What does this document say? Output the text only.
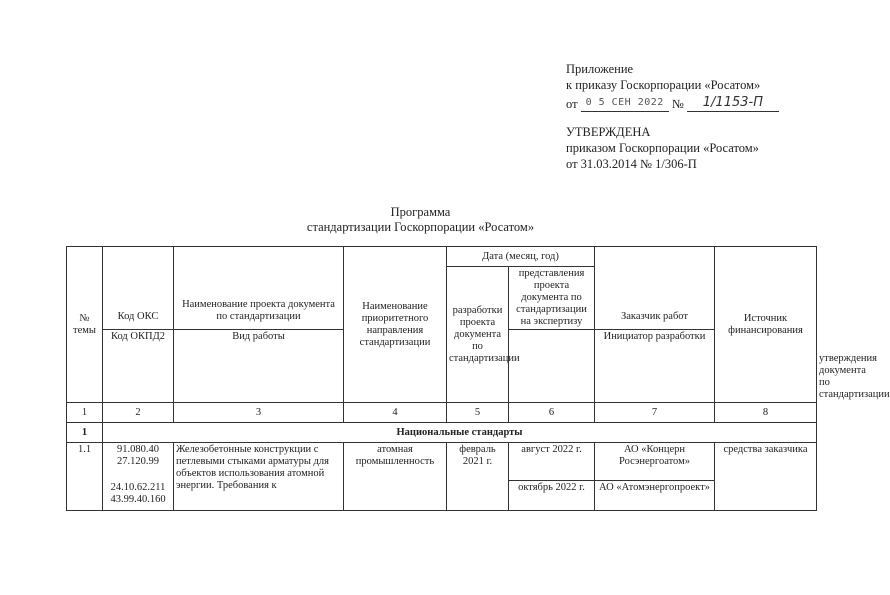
Приложение
к приказу Госкорпорации «Росатом»
от 0 5 СЕН 2022 № 1/1153-П
УТВЕРЖДЕНА
приказом Госкорпорации «Росатом»
от 31.03.2014 № 1/306-П
Программа
стандартизации Госкорпорации «Росатом»
№ темы	Код ОКС	Наименование проекта документа по стандартизации	Наименование приоритетного направления стандартизации	Дата (месяц, год)		Заказчик работ	Источник финансирования	
				разработки проекта документа по стандартизации	представления проекта документа по стандартизации на экспертизу			
	Код ОКПД2	Вид работы				Инициатор разработки		
								утверждения документа по стандартизации
1	2	3	4	5	6	7	8	
1	Национальные стандарты							
1.1	91.080.40 27.120.99	Железобетонные конструкции с петлевыми стыками арматуры для объектов использования атомной энергии. Требования к	атомная промышленность	февраль 2021 г.	август 2022 г.	АО «Концерн Росэнергоатом»	средства заказчика	
	24.10.62.211 43.99.40.160				октябрь 2022 г.	АО «Атомэнергопроект»		
